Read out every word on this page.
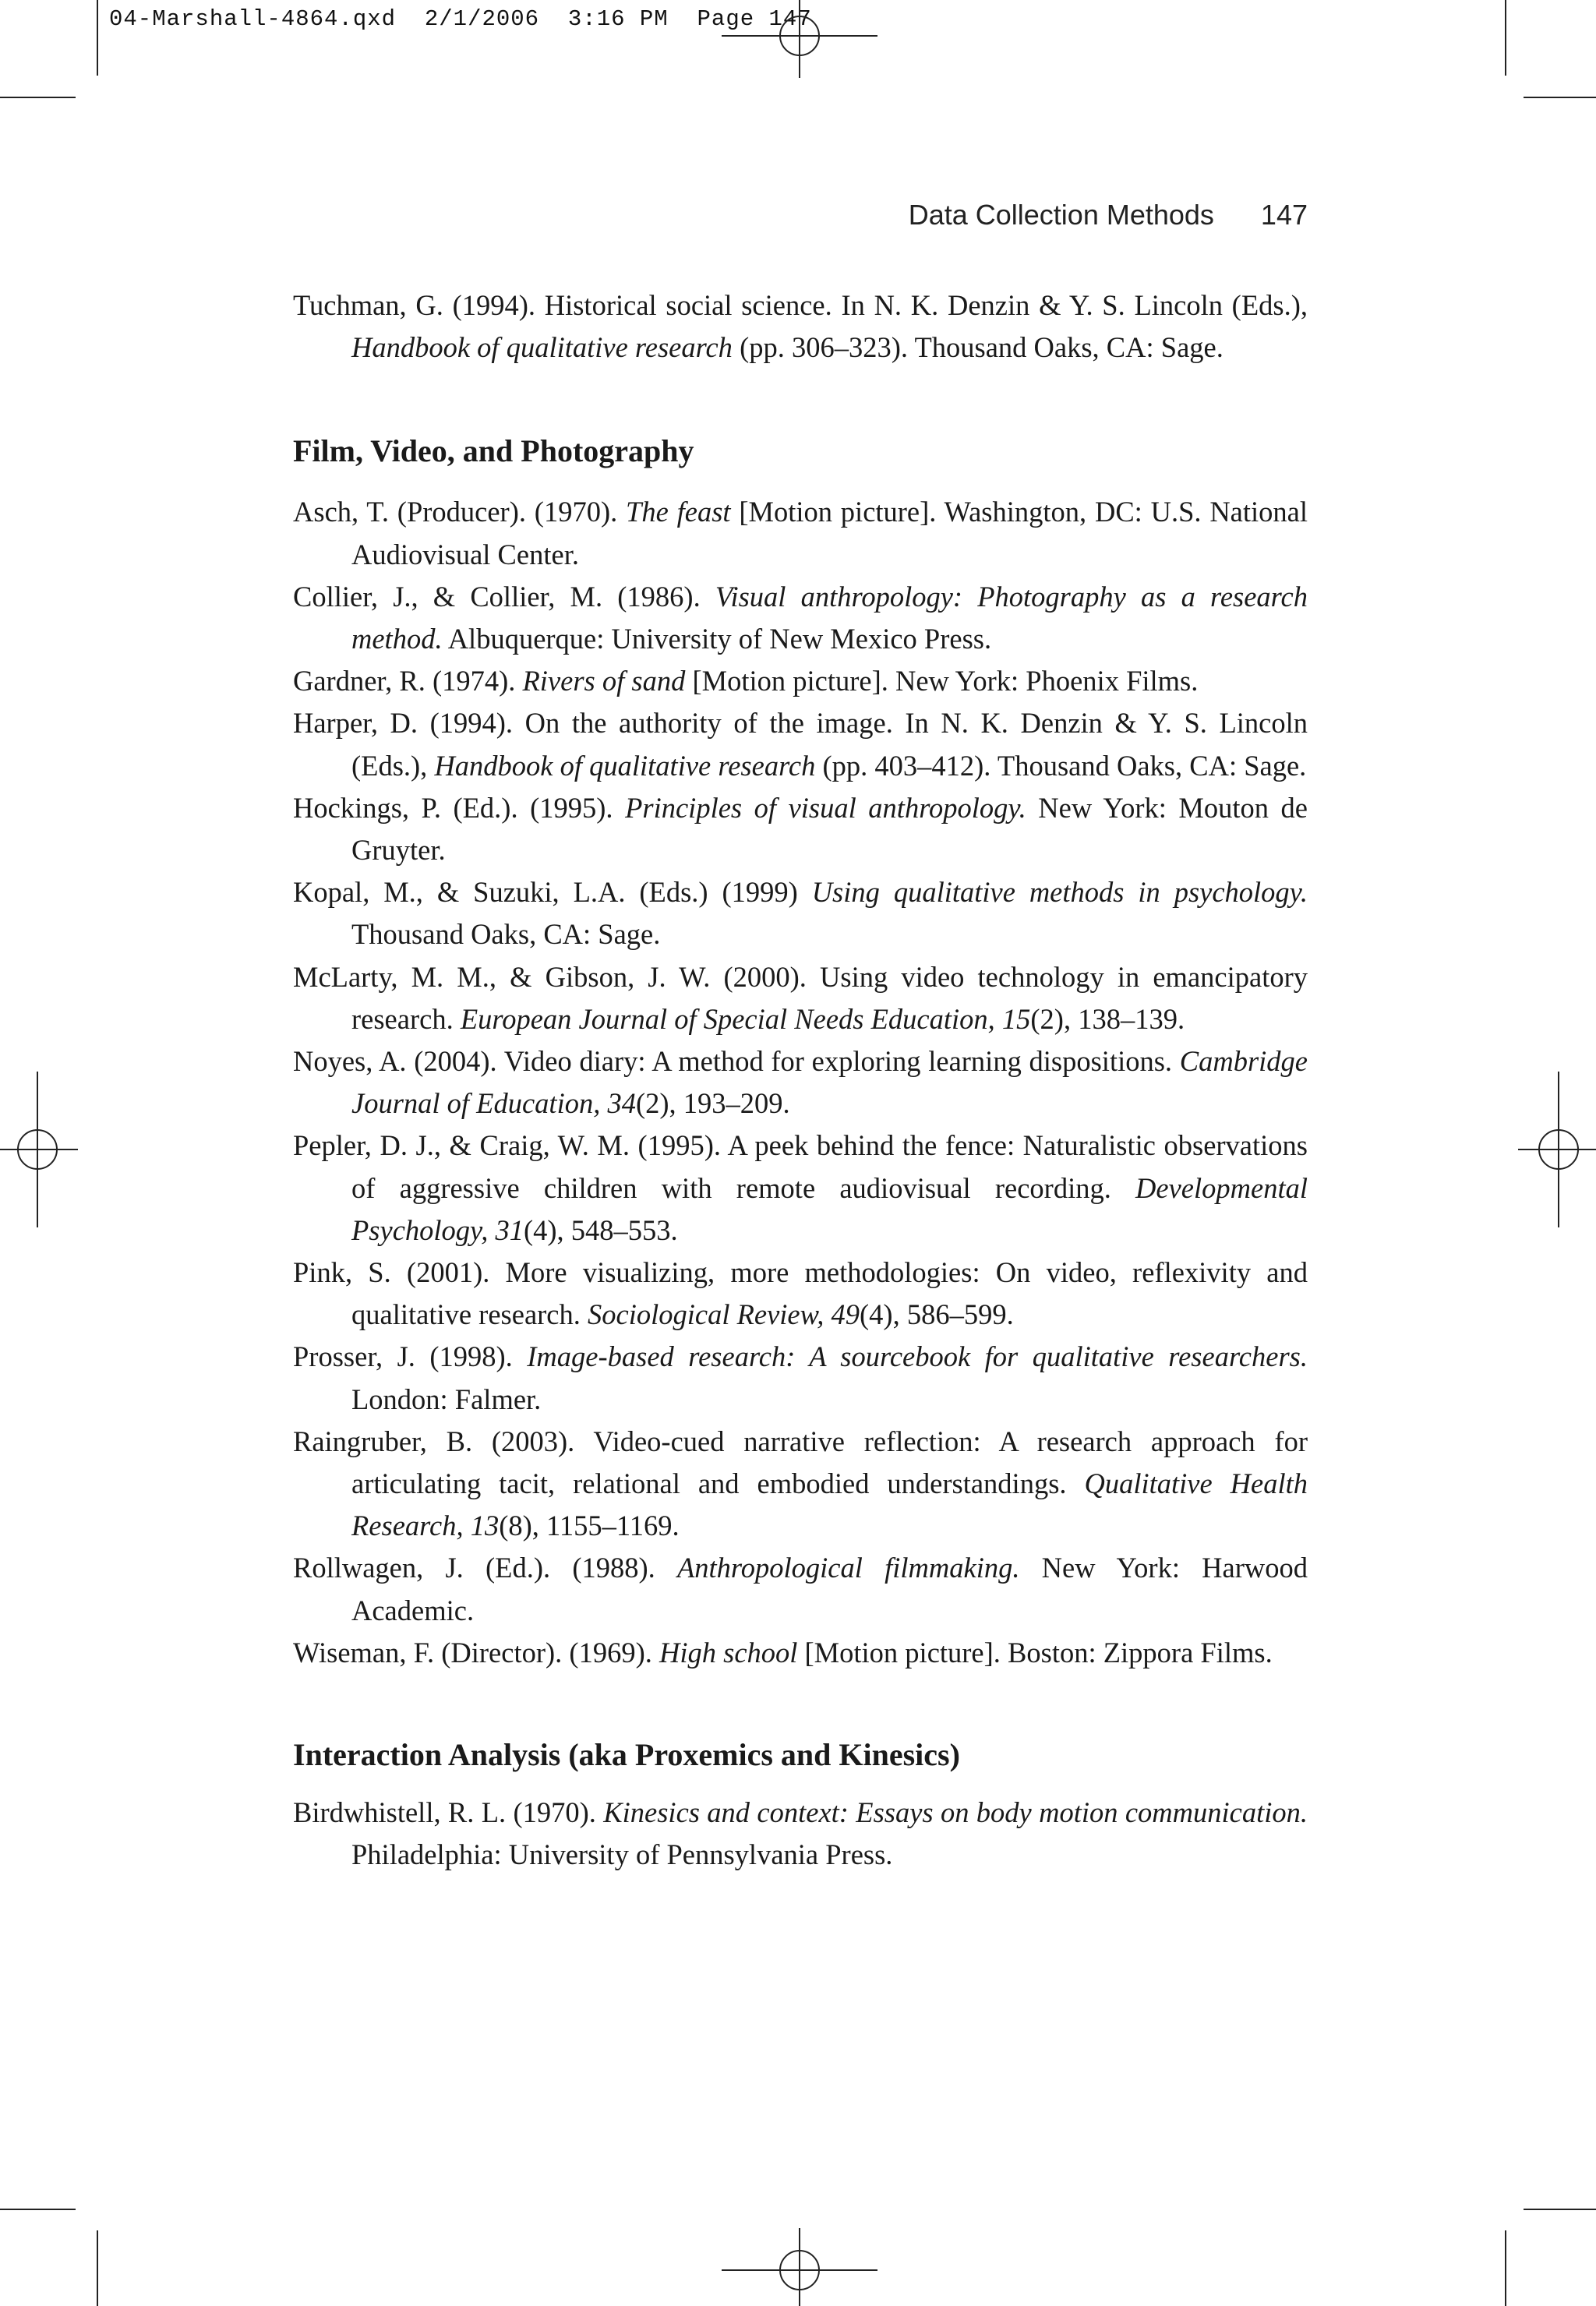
04-Marshall-4864.qxd  2/1/2006  3:16 PM  Page 147
Data Collection Methods 147

Tuchman, G. (1994). Historical social science. In N. K. Denzin & Y. S. Lincoln (Eds.), Handbook of qualitative research (pp. 306–323). Thousand Oaks, CA: Sage.

Film, Video, and Photography

Asch, T. (Producer). (1970). The feast [Motion picture]. Washington, DC: U.S. National Audiovisual Center.

Collier, J., & Collier, M. (1986). Visual anthropology: Photography as a research method. Albuquerque: University of New Mexico Press.

Gardner, R. (1974). Rivers of sand [Motion picture]. New York: Phoenix Films.

Harper, D. (1994). On the authority of the image. In N. K. Denzin & Y. S. Lincoln (Eds.), Handbook of qualitative research (pp. 403–412). Thousand Oaks, CA: Sage.

Hockings, P. (Ed.). (1995). Principles of visual anthropology. New York: Mouton de Gruyter.

Kopal, M., & Suzuki, L.A. (Eds.) (1999) Using qualitative methods in psychology. Thousand Oaks, CA: Sage.

McLarty, M. M., & Gibson, J. W. (2000). Using video technology in emancipatory research. European Journal of Special Needs Education, 15(2), 138–139.

Noyes, A. (2004). Video diary: A method for exploring learning dispositions. Cambridge Journal of Education, 34(2), 193–209.

Pepler, D. J., & Craig, W. M. (1995). A peek behind the fence: Naturalistic observations of aggressive children with remote audiovisual recording. Developmental Psychology, 31(4), 548–553.

Pink, S. (2001). More visualizing, more methodologies: On video, reflexivity and qualitative research. Sociological Review, 49(4), 586–599.

Prosser, J. (1998). Image-based research: A sourcebook for qualitative researchers. London: Falmer.

Raingruber, B. (2003). Video-cued narrative reflection: A research approach for articulating tacit, relational and embodied understandings. Qualitative Health Research, 13(8), 1155–1169.

Rollwagen, J. (Ed.). (1988). Anthropological filmmaking. New York: Harwood Academic.

Wiseman, F. (Director). (1969). High school [Motion picture]. Boston: Zippora Films.

Interaction Analysis (aka Proxemics and Kinesics)

Birdwhistell, R. L. (1970). Kinesics and context: Essays on body motion communication. Philadelphia: University of Pennsylvania Press.
